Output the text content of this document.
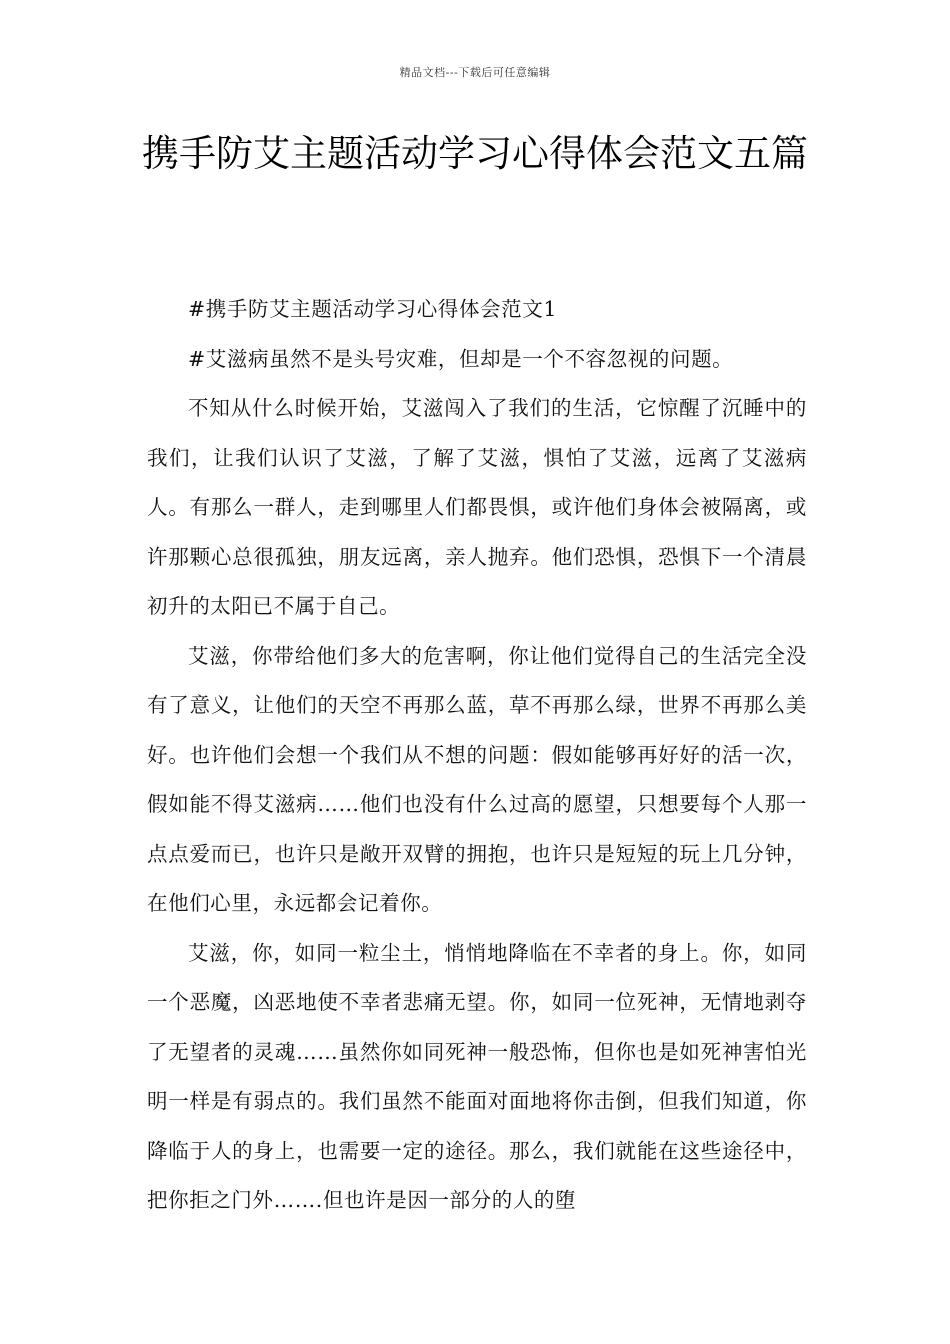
精品文档---下载后可任意编辑
携手防艾主题活动学习心得体会范文五篇

#携手防艾主题活动学习心得体会范文1

#艾滋病虽然不是头号灾难，但却是一个不容忽视的问题。

不知从什么时候开始，艾滋闯入了我们的生活，它惊醒了沉睡中的我们，让我们认识了艾滋，了解了艾滋，惧怕了艾滋，远离了艾滋病人。有那么一群人，走到哪里人们都畏惧，或许他们身体会被隔离，或许那颗心总很孤独，朋友远离，亲人抛弃。他们恐惧，恐惧下一个清晨初升的太阳已不属于自己。

艾滋，你带给他们多大的危害啊，你让他们觉得自己的生活完全没有了意义，让他们的天空不再那么蓝，草不再那么绿，世界不再那么美好。也许他们会想一个我们从不想的问题：假如能够再好好的活一次，假如能不得艾滋病……他们也没有什么过高的愿望，只想要每个人那一点点爱而已，也许只是敞开双臂的拥抱，也许只是短短的玩上几分钟，在他们心里，永远都会记着你。

艾滋，你，如同一粒尘土，悄悄地降临在不幸者的身上。你，如同一个恶魔，凶恶地使不幸者悲痛无望。你，如同一位死神，无情地剥夺了无望者的灵魂……虽然你如同死神一般恐怖，但你也是如死神害怕光明一样是有弱点的。我们虽然不能面对面地将你击倒，但我们知道，你降临于人的身上，也需要一定的途径。那么，我们就能在这些途径中，把你拒之门外…….但也许是因一部分的人的堕
